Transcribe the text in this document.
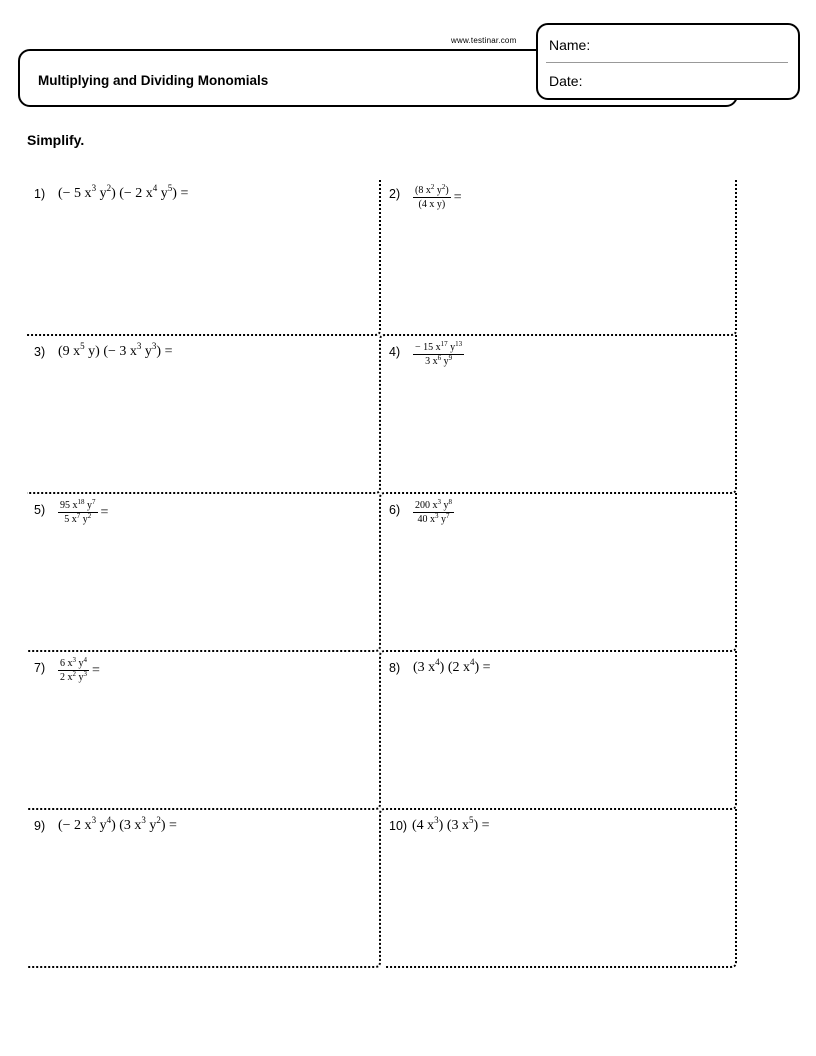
www.testinar.com
Multiplying and Dividing Monomials
Name:
Date:
Simplify.
1) (− 5 $x^3$ $y^2$) (− 2 $x^4$ $y^5$) =	$2) \frac{(8 x^2 y^2)}{\text{(4 x y)}}$ =
3) (9 $x^5$ y) (− 3 $x^3$ $y^3$) =	$4) \frac{- 15 x^{17} y^{13}}{3 x^6 y^9}$
$5) \frac{95 x^{18} y^7}{5 x^7 y^2}$ =	$6) \frac{200 x^3 y^8}{40 x^3 y^7}$
$7) \frac{6 x^3 y^4}{2 x^2 y^3}$ =	8) (3 $x^4$) (2 $x^4$) =
9) (− 2 $x^3$ $y^4$) (3 $x^3$ $y^2$) =	10) (4 $x^3$) (3 $x^5$) =
